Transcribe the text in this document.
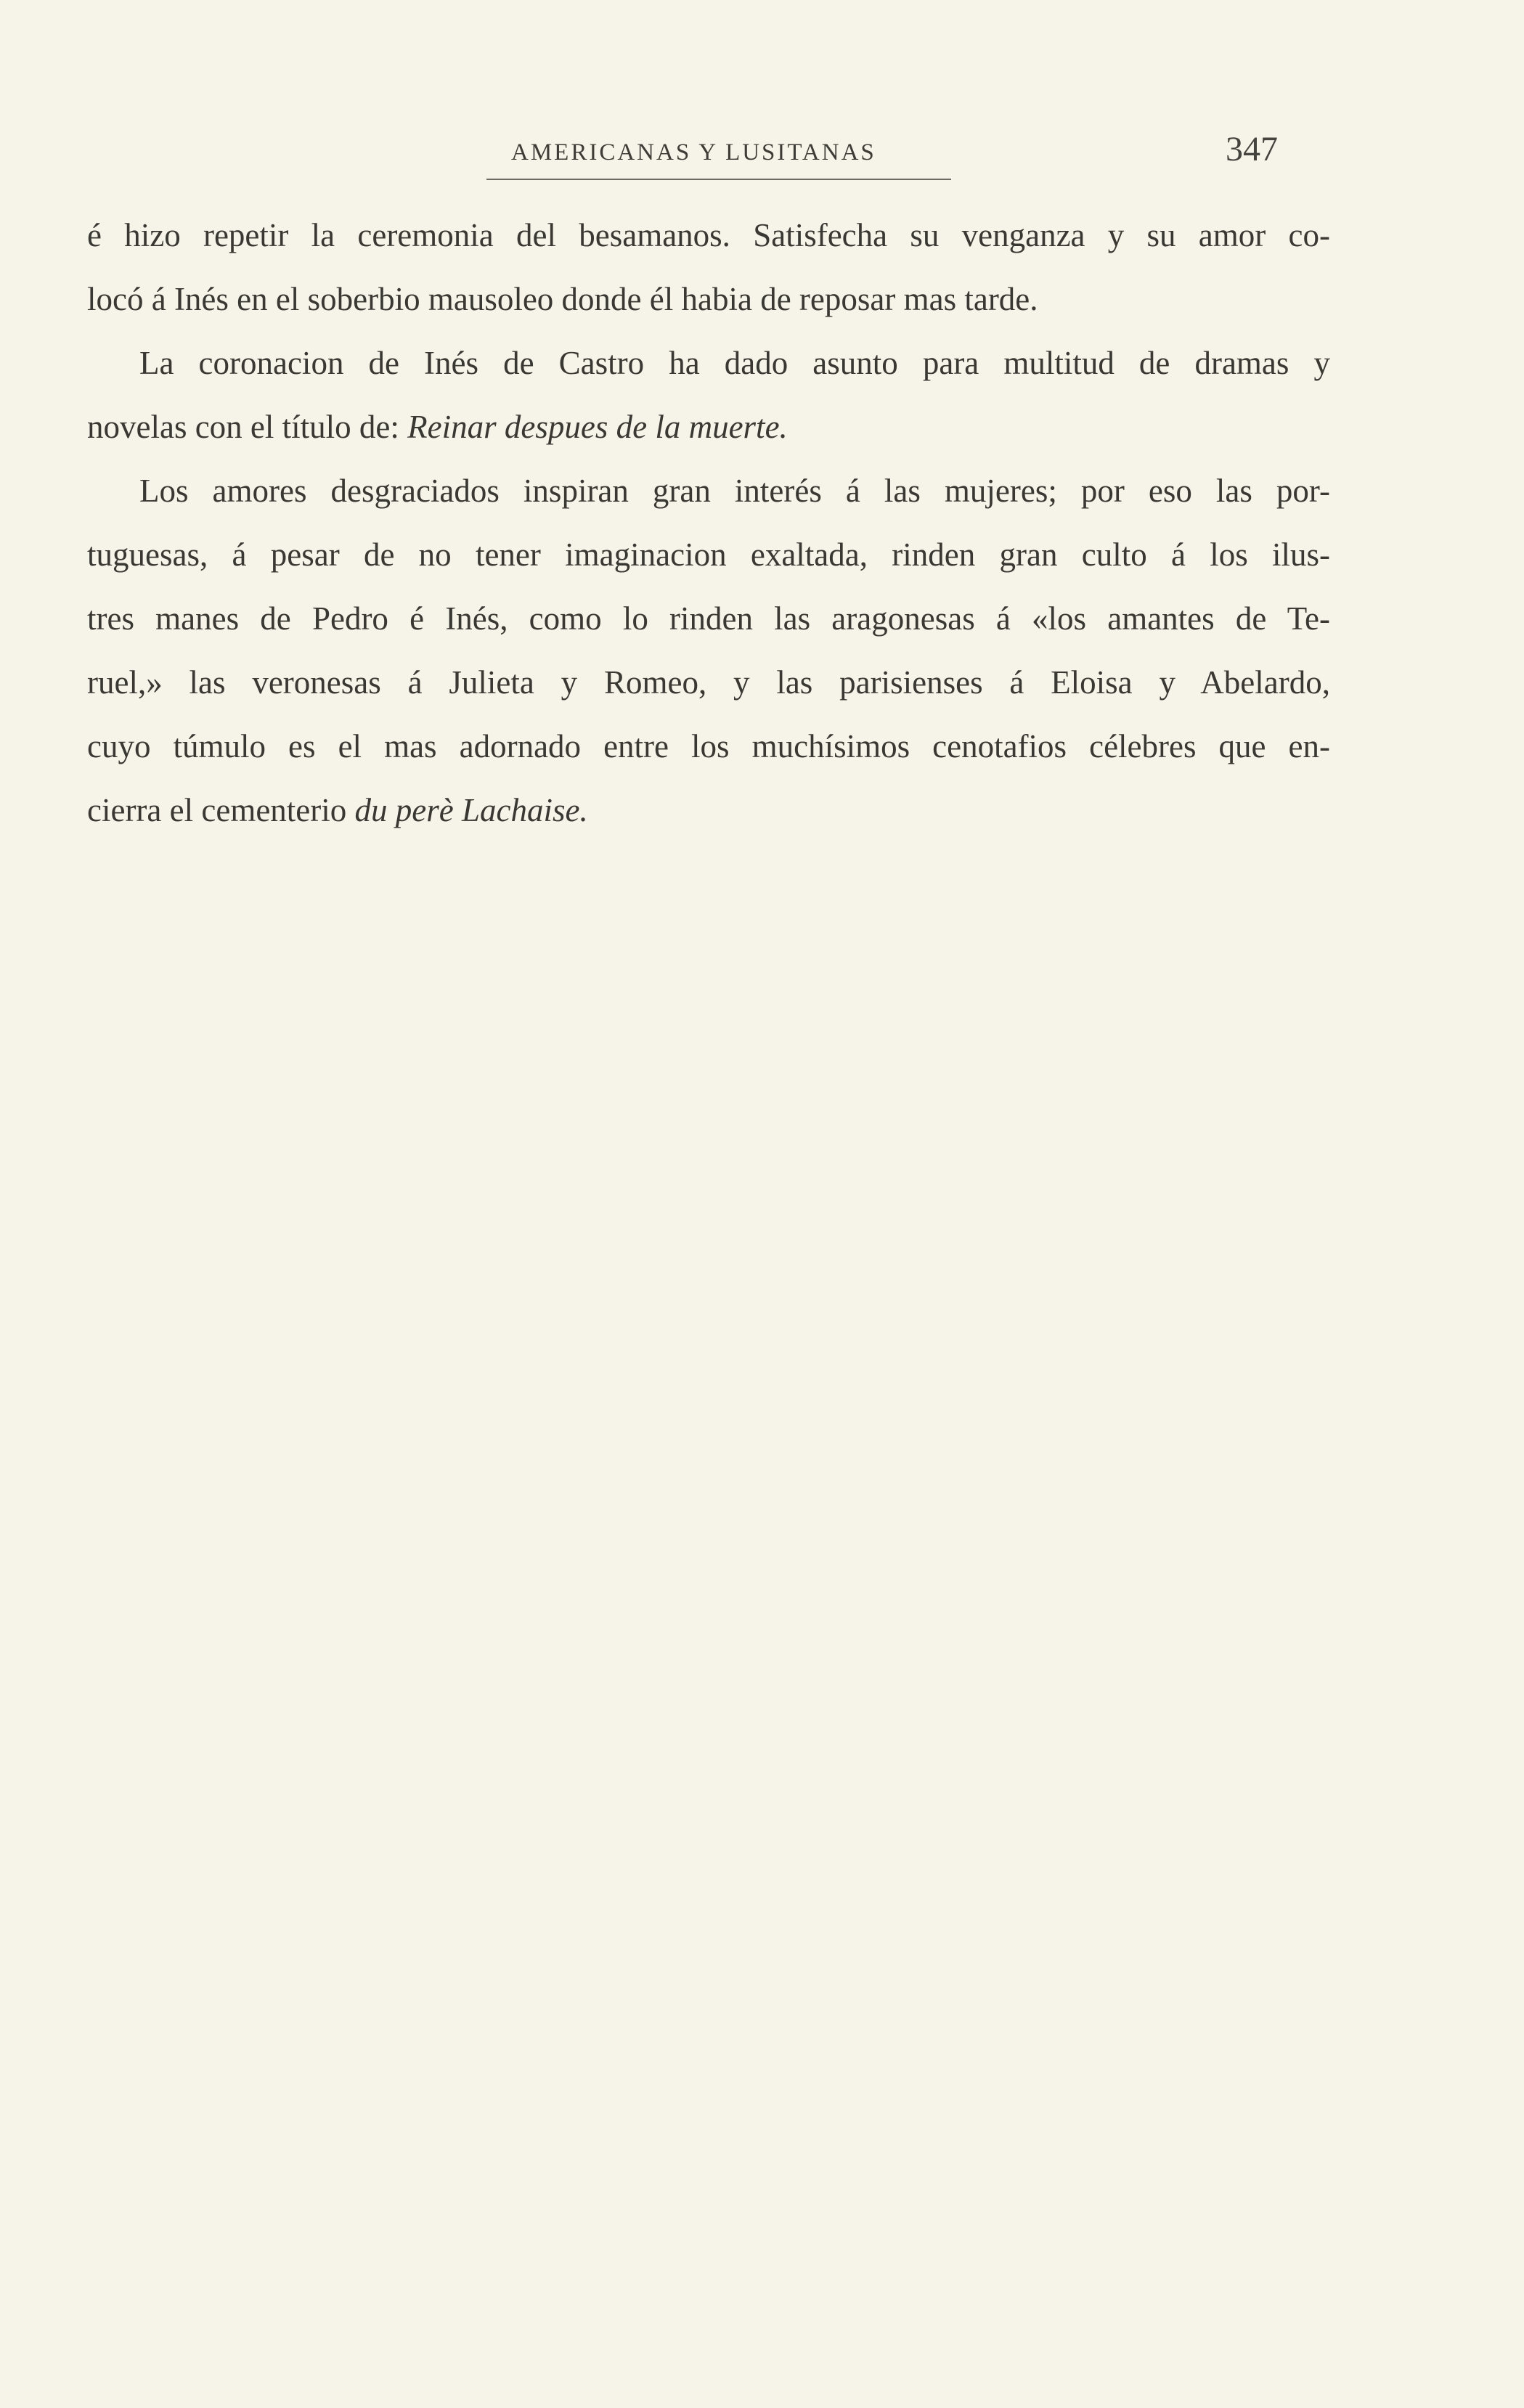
AMERICANAS Y LUSITANAS	347
é hizo repetir la ceremonia del besamanos. Satisfecha su venganza y su amor co-
locó á Inés en el soberbio mausoleo donde él habia de reposar mas tarde.
La coronacion de Inés de Castro ha dado asunto para multitud de dramas y
novelas con el título de: Reinar despues de la muerte.
Los amores desgraciados inspiran gran interés á las mujeres; por eso las por-
tuguesas, á pesar de no tener imaginacion exaltada, rinden gran culto á los ilus-
tres manes de Pedro é Inés, como lo rinden las aragonesas á «los amantes de Te-
ruel,» las veronesas á Julieta y Romeo, y las parisienses á Eloisa y Abelardo,
cuyo túmulo es el mas adornado entre los muchísimos cenotafios célebres que en-
cierra el cementerio du perè Lachaise.
